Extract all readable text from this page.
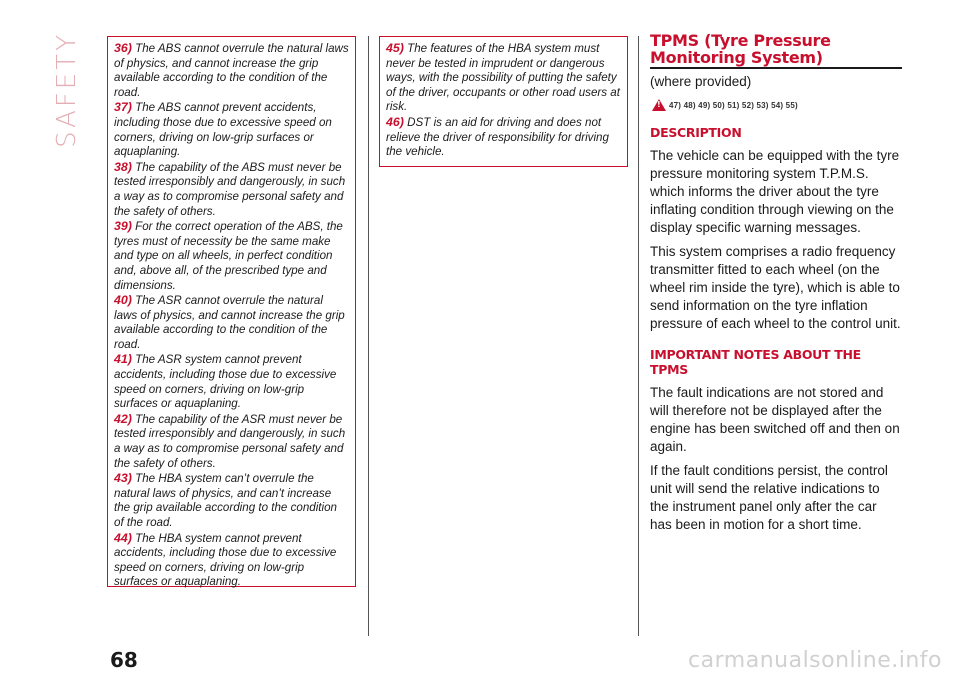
SAFETY	36) The ABS cannot overrule the natural laws of physics, and cannot increase the grip available according to the condition of the road.

37) The ABS cannot prevent accidents, including those due to excessive speed on corners, driving on low-grip surfaces or aquaplaning.

38) The capability of the ABS must never be tested irresponsibly and dangerously, in such a way as to compromise personal safety and the safety of others.

39) For the correct operation of the ABS, the tyres must of necessity be the same make and type on all wheels, in perfect condition and, above all, of the prescribed type and dimensions.

40) The ASR cannot overrule the natural laws of physics, and cannot increase the grip available according to the condition of the road.

41) The ASR system cannot prevent accidents, including those due to excessive speed on corners, driving on low-grip surfaces or aquaplaning.

42) The capability of the ASR must never be tested irresponsibly and dangerously, in such a way as to compromise personal safety and the safety of others.

43) The HBA system can’t overrule the natural laws of physics, and can’t increase the grip available according to the condition of the road.

44) The HBA system cannot prevent accidents, including those due to excessive speed on corners, driving on low-grip surfaces or aquaplaning.

45) The features of the HBA system must never be tested in imprudent or dangerous ways, with the possibility of putting the safety of the driver, occupants or other road users at risk.

46) DST is an aid for driving and does not relieve the driver of responsibility for driving the vehicle.

TPMS (Tyre Pressure
Monitoring System)

(where provided)

!
47) 48) 49) 50) 51) 52) 53) 54) 55)
DESCRIPTION

The vehicle can be equipped with the tyre pressure monitoring system T.P.M.S. which informs the driver about the tyre inflating condition through viewing on the display specific warning messages.

This system comprises a radio frequency transmitter fitted to each wheel (on the wheel rim inside the tyre), which is able to send information on the tyre inflation pressure of each wheel to the control unit.

IMPORTANT NOTES ABOUT THE TPMS

The fault indications are not stored and will therefore not be displayed after the engine has been switched off and then on again.

If the fault conditions persist, the control unit will send the relative indications to the instrument panel only after the car has been in motion for a short time.

68	carmanualsonline.info
